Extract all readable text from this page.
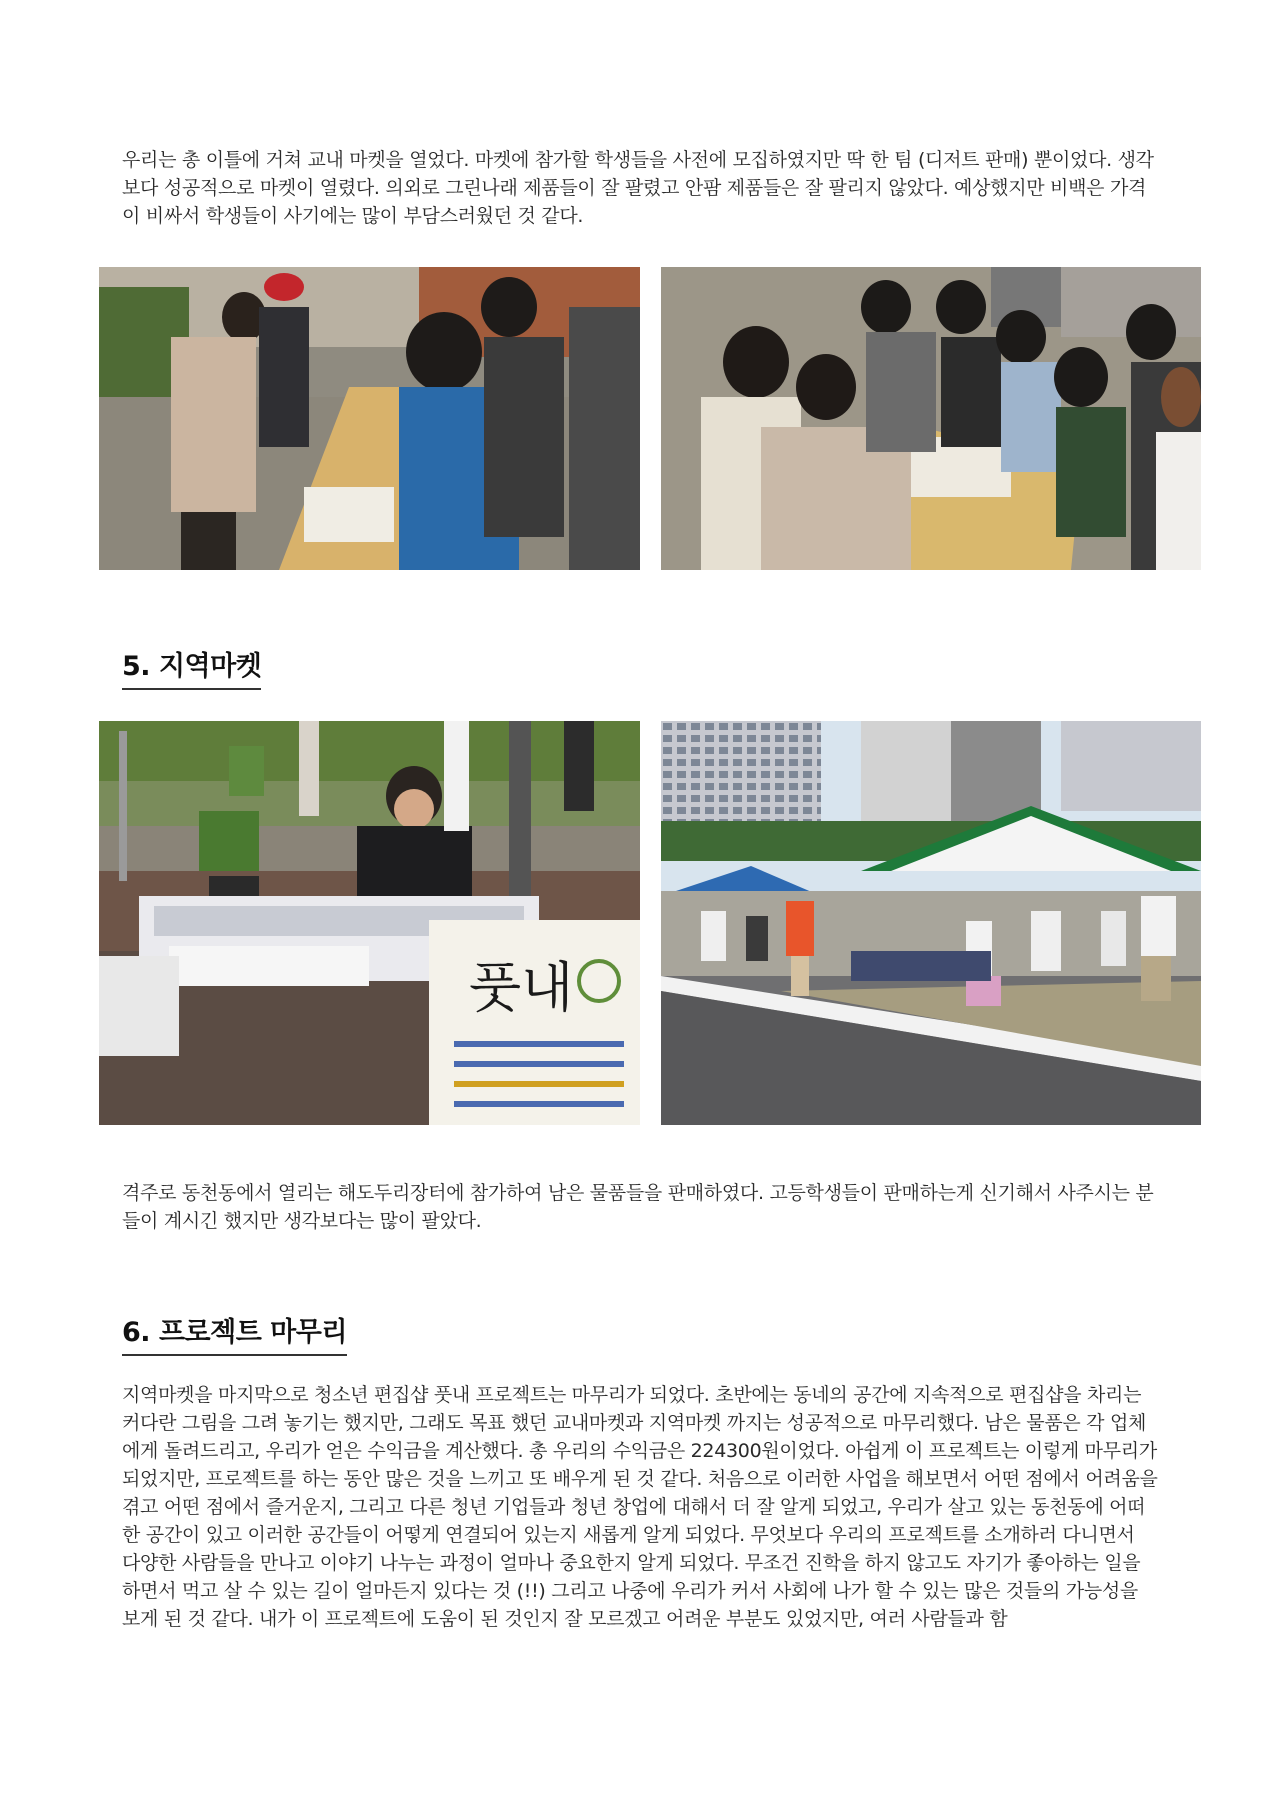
우리는 총 이틀에 거쳐 교내 마켓을 열었다. 마켓에 참가할 학생들을 사전에 모집하였지만 딱 한 팀 (디저트 판매) 뿐이었다. 생각보다 성공적으로 마켓이 열렸다. 의외로 그린나래 제품들이 잘 팔렸고 안팜 제품들은 잘 팔리지 않았다. 예상했지만 비백은 가격이 비싸서 학생들이 사기에는 많이 부담스러웠던 것 같다.

5. 지역마켓
풋내

격주로 동천동에서 열리는 해도두리장터에 참가하여 남은 물품들을 판매하였다. 고등학생들이 판매하는게 신기해서 사주시는 분들이 계시긴 했지만 생각보다는 많이 팔았다.

6. 프로젝트 마무리

지역마켓을 마지막으로 청소년 편집샵 풋내 프로젝트는 마무리가 되었다. 초반에는 동네의 공간에 지속적으로 편집샵을 차리는 커다란 그림을 그려 놓기는 했지만, 그래도 목표 했던 교내마켓과 지역마켓 까지는 성공적으로 마무리했다. 남은 물품은 각 업체에게 돌려드리고, 우리가 얻은 수익금을 계산했다. 총 우리의 수익금은 224300원이었다. 아쉽게 이 프로젝트는 이렇게 마무리가 되었지만, 프로젝트를 하는 동안 많은 것을 느끼고 또 배우게 된 것 같다. 처음으로 이러한 사업을 해보면서 어떤 점에서 어려움을 겪고 어떤 점에서 즐거운지, 그리고 다른 청년 기업들과 청년 창업에 대해서 더 잘 알게 되었고, 우리가 살고 있는 동천동에 어떠한 공간이 있고 이러한 공간들이 어떻게 연결되어 있는지 새롭게 알게 되었다. 무엇보다 우리의 프로젝트를 소개하러 다니면서 다양한 사람들을 만나고 이야기 나누는 과정이 얼마나 중요한지 알게 되었다. 무조건 진학을 하지 않고도 자기가 좋아하는 일을 하면서 먹고 살 수 있는 길이 얼마든지 있다는 것 (!!) 그리고 나중에 우리가 커서 사회에 나가 할 수 있는 많은 것들의 가능성을 보게 된 것 같다. 내가 이 프로젝트에 도움이 된 것인지 잘 모르겠고 어려운 부분도 있었지만, 여러 사람들과 함
